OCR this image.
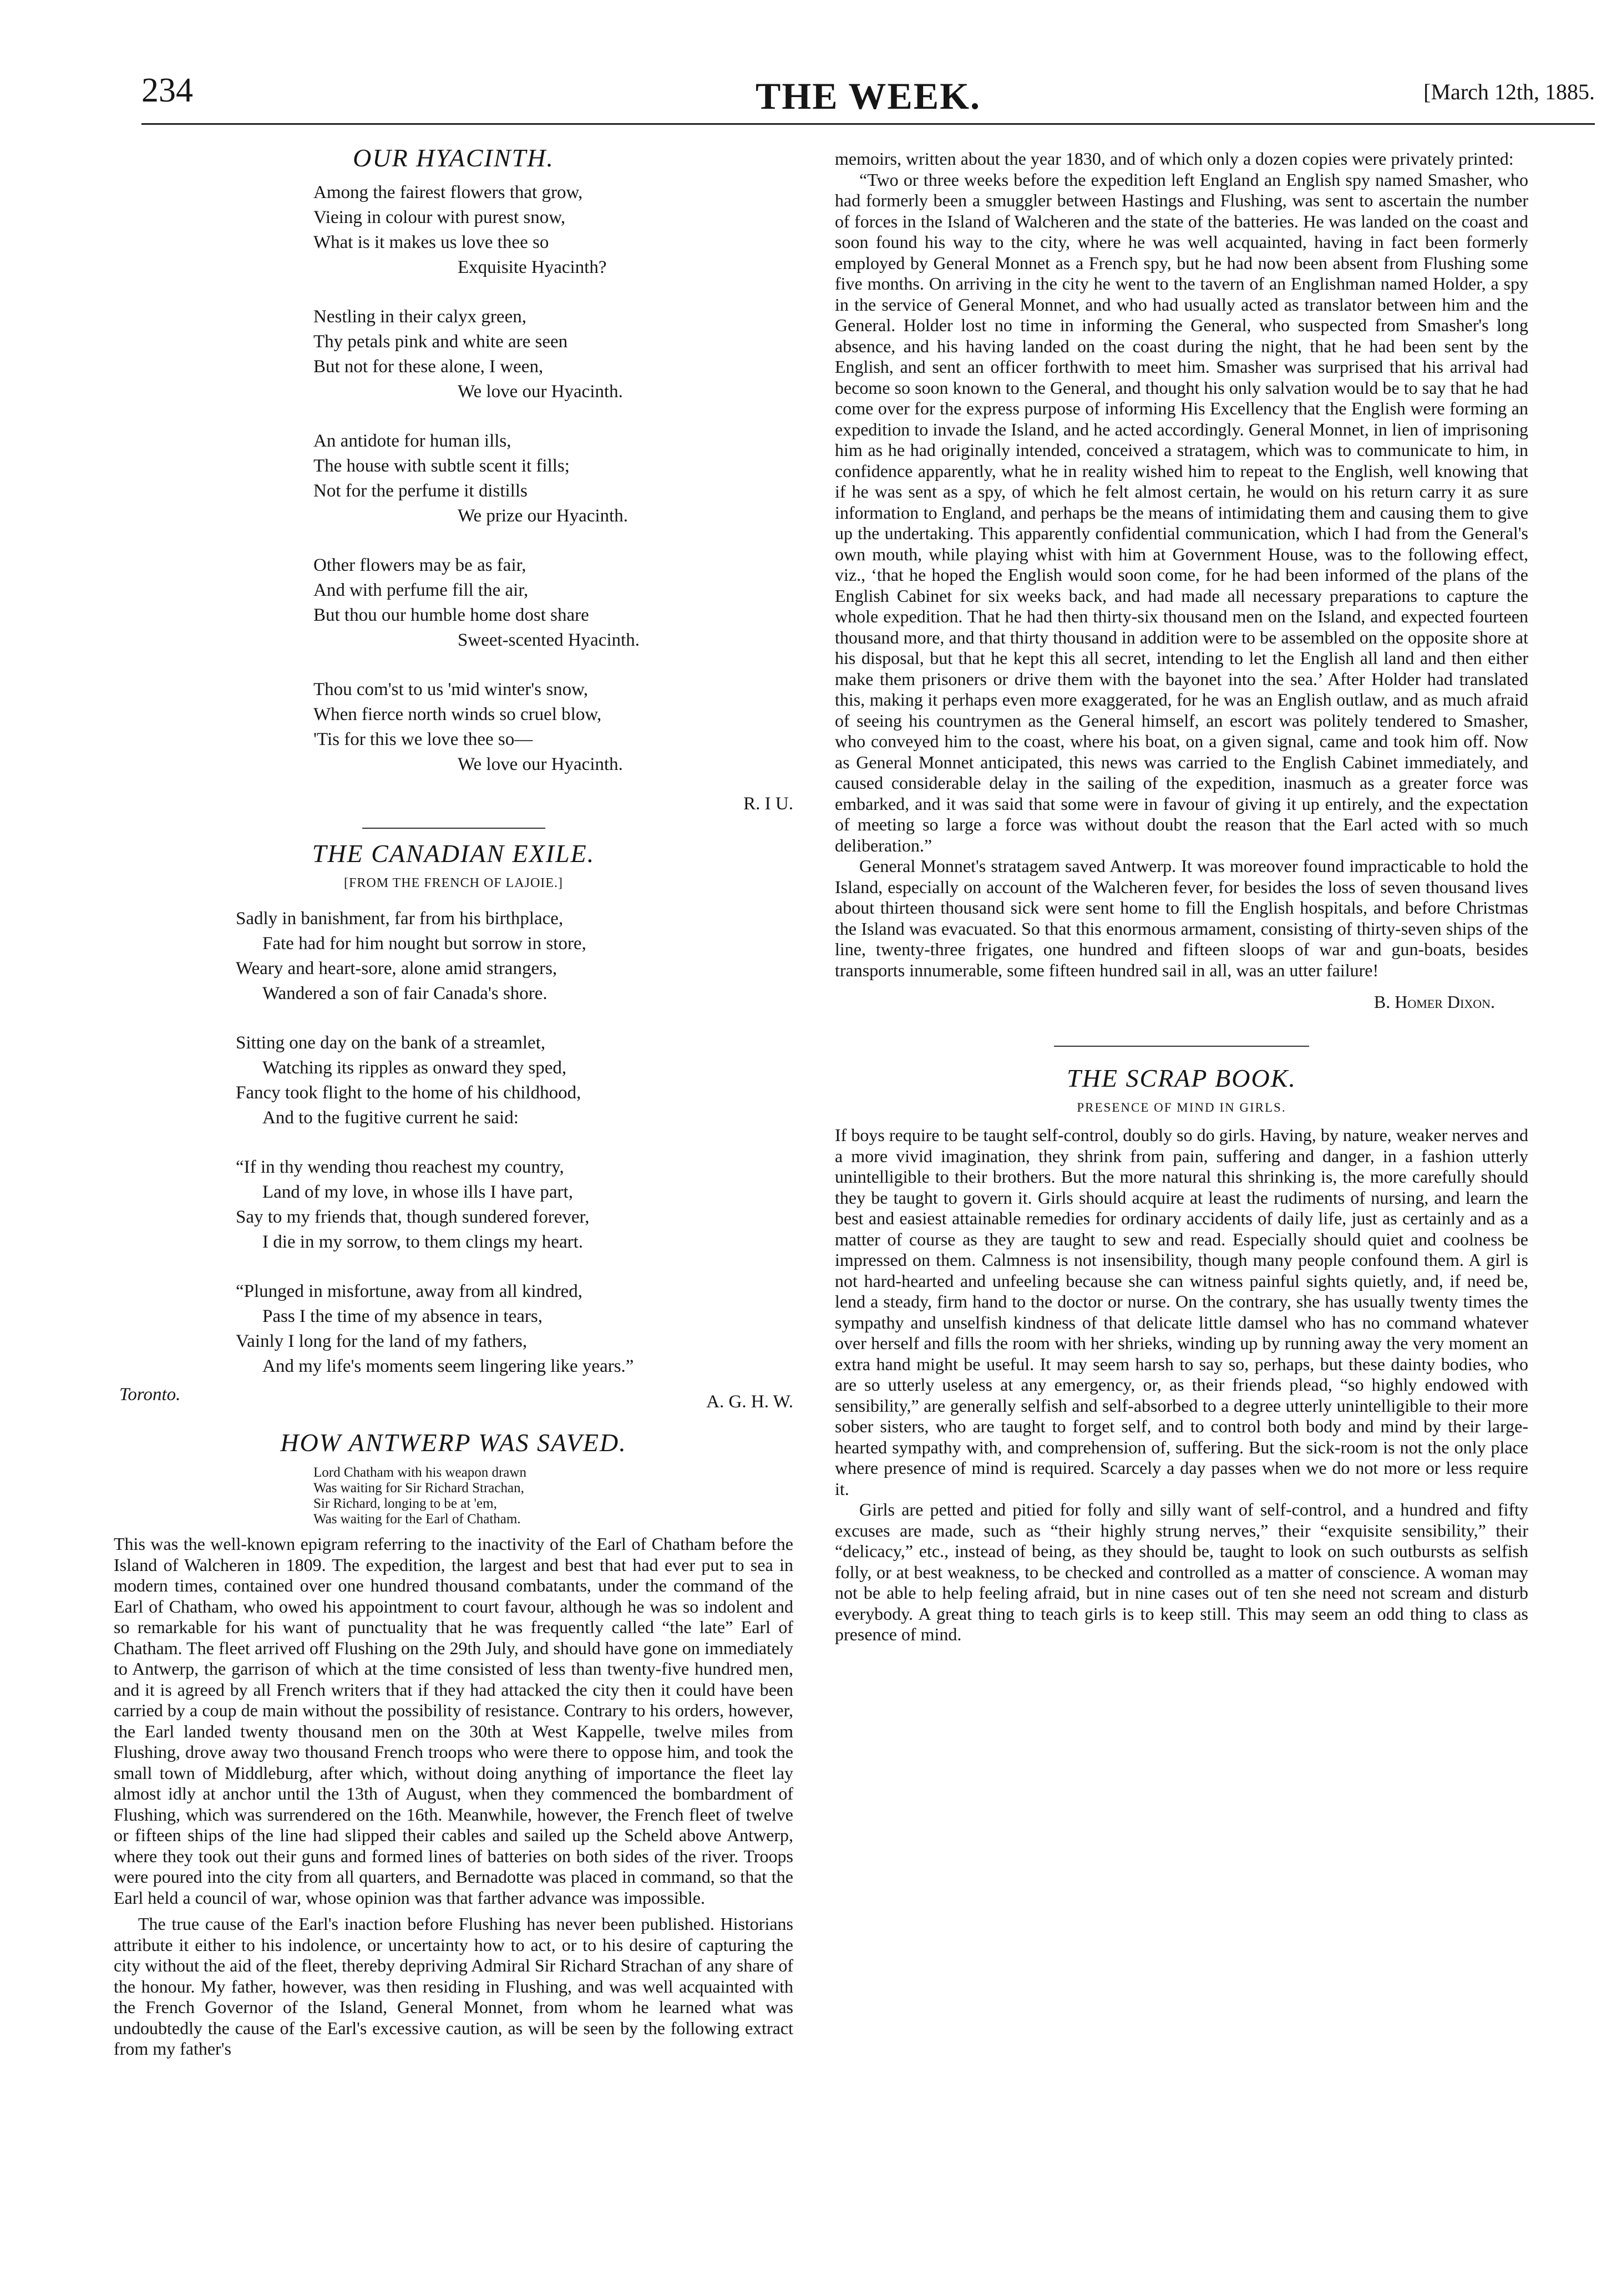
234	THE WEEK.	[March 12th, 1885.
OUR HYACINTH.
Among the fairest flowers that grow,
Vieing in colour with purest snow,
What is it makes us love thee so
Exquisite Hyacinth?
Nestling in their calyx green,
Thy petals pink and white are seen
But not for these alone, I ween,
We love our Hyacinth.
An antidote for human ills,
The house with subtle scent it fills;
Not for the perfume it distills
We prize our Hyacinth.
Other flowers may be as fair,
And with perfume fill the air,
But thou our humble home dost share
Sweet-scented Hyacinth.
Thou com'st to us 'mid winter's snow,
When fierce north winds so cruel blow,
'Tis for this we love thee so—
We love our Hyacinth.
R. I U.
THE CANADIAN EXILE.
[FROM THE FRENCH OF LAJOIE.]
Sadly in banishment, far from his birthplace,
Fate had for him nought but sorrow in store,
Weary and heart-sore, alone amid strangers,
Wandered a son of fair Canada's shore.
Sitting one day on the bank of a streamlet,
Watching its ripples as onward they sped,
Fancy took flight to the home of his childhood,
And to the fugitive current he said:
“If in thy wending thou reachest my country,
Land of my love, in whose ills I have part,
Say to my friends that, though sundered forever,
I die in my sorrow, to them clings my heart.
“Plunged in misfortune, away from all kindred,
Pass I the time of my absence in tears,
Vainly I long for the land of my fathers,
And my life's moments seem lingering like years.”
Toronto.	A. G. H. W.
HOW ANTWERP WAS SAVED.
Lord Chatham with his weapon drawn
Was waiting for Sir Richard Strachan,
Sir Richard, longing to be at 'em,
Was waiting for the Earl of Chatham.

This was the well-known epigram referring to the inactivity of the Earl of Chatham before the Island of Walcheren in 1809. The expedition, the largest and best that had ever put to sea in modern times, contained over one hundred thousand combatants, under the command of the Earl of Chatham, who owed his appointment to court favour, although he was so indolent and so remarkable for his want of punctuality that he was frequently called “the late” Earl of Chatham. The fleet arrived off Flushing on the 29th July, and should have gone on immediately to Antwerp, the garrison of which at the time consisted of less than twenty-five hundred men, and it is agreed by all French writers that if they had attacked the city then it could have been carried by a coup de main without the possibility of resistance. Contrary to his orders, however, the Earl landed twenty thousand men on the 30th at West Kappelle, twelve miles from Flushing, drove away two thousand French troops who were there to oppose him, and took the small town of Middleburg, after which, without doing anything of importance the fleet lay almost idly at anchor until the 13th of August, when they commenced the bombardment of Flushing, which was surrendered on the 16th. Meanwhile, however, the French fleet of twelve or fifteen ships of the line had slipped their cables and sailed up the Scheld above Antwerp, where they took out their guns and formed lines of batteries on both sides of the river. Troops were poured into the city from all quarters, and Bernadotte was placed in command, so that the Earl held a council of war, whose opinion was that farther advance was impossible.

The true cause of the Earl's inaction before Flushing has never been published. Historians attribute it either to his indolence, or uncertainty how to act, or to his desire of capturing the city without the aid of the fleet, thereby depriving Admiral Sir Richard Strachan of any share of the honour. My father, however, was then residing in Flushing, and was well acquainted with the French Governor of the Island, General Monnet, from whom he learned what was undoubtedly the cause of the Earl's excessive caution, as will be seen by the following extract from my father's

memoirs, written about the year 1830, and of which only a dozen copies were privately printed:

“Two or three weeks before the expedition left England an English spy named Smasher, who had formerly been a smuggler between Hastings and Flushing, was sent to ascertain the number of forces in the Island of Walcheren and the state of the batteries. He was landed on the coast and soon found his way to the city, where he was well acquainted, having in fact been formerly employed by General Monnet as a French spy, but he had now been absent from Flushing some five months. On arriving in the city he went to the tavern of an Englishman named Holder, a spy in the service of General Monnet, and who had usually acted as translator between him and the General. Holder lost no time in informing the General, who suspected from Smasher's long absence, and his having landed on the coast during the night, that he had been sent by the English, and sent an officer forthwith to meet him. Smasher was surprised that his arrival had become so soon known to the General, and thought his only salvation would be to say that he had come over for the express purpose of informing His Excellency that the English were forming an expedition to invade the Island, and he acted accordingly. General Monnet, in lien of imprisoning him as he had originally intended, conceived a stratagem, which was to communicate to him, in confidence apparently, what he in reality wished him to repeat to the English, well knowing that if he was sent as a spy, of which he felt almost certain, he would on his return carry it as sure information to England, and perhaps be the means of intimidating them and causing them to give up the undertaking. This apparently confidential communication, which I had from the General's own mouth, while playing whist with him at Government House, was to the following effect, viz., ‘that he hoped the English would soon come, for he had been informed of the plans of the English Cabinet for six weeks back, and had made all necessary preparations to capture the whole expedition. That he had then thirty-six thousand men on the Island, and expected fourteen thousand more, and that thirty thousand in addition were to be assembled on the opposite shore at his disposal, but that he kept this all secret, intending to let the English all land and then either make them prisoners or drive them with the bayonet into the sea.’ After Holder had translated this, making it perhaps even more exaggerated, for he was an English outlaw, and as much afraid of seeing his countrymen as the General himself, an escort was politely tendered to Smasher, who conveyed him to the coast, where his boat, on a given signal, came and took him off. Now as General Monnet anticipated, this news was carried to the English Cabinet immediately, and caused considerable delay in the sailing of the expedition, inasmuch as a greater force was embarked, and it was said that some were in favour of giving it up entirely, and the expectation of meeting so large a force was without doubt the reason that the Earl acted with so much deliberation.”

General Monnet's stratagem saved Antwerp. It was moreover found impracticable to hold the Island, especially on account of the Walcheren fever, for besides the loss of seven thousand lives about thirteen thousand sick were sent home to fill the English hospitals, and before Christmas the Island was evacuated. So that this enormous armament, consisting of thirty-seven ships of the line, twenty-three frigates, one hundred and fifteen sloops of war and gun-boats, besides transports innumerable, some fifteen hundred sail in all, was an utter failure!

B. Homer Dixon.
THE SCRAP BOOK.
PRESENCE OF MIND IN GIRLS.

If boys require to be taught self-control, doubly so do girls. Having, by nature, weaker nerves and a more vivid imagination, they shrink from pain, suffering and danger, in a fashion utterly unintelligible to their brothers. But the more natural this shrinking is, the more carefully should they be taught to govern it. Girls should acquire at least the rudiments of nursing, and learn the best and easiest attainable remedies for ordinary accidents of daily life, just as certainly and as a matter of course as they are taught to sew and read. Especially should quiet and coolness be impressed on them. Calmness is not insensibility, though many people confound them. A girl is not hard-hearted and unfeeling because she can witness painful sights quietly, and, if need be, lend a steady, firm hand to the doctor or nurse. On the contrary, she has usually twenty times the sympathy and unselfish kindness of that delicate little damsel who has no command whatever over herself and fills the room with her shrieks, winding up by running away the very moment an extra hand might be useful. It may seem harsh to say so, perhaps, but these dainty bodies, who are so utterly useless at any emergency, or, as their friends plead, “so highly endowed with sensibility,” are generally selfish and self-absorbed to a degree utterly unintelligible to their more sober sisters, who are taught to forget self, and to control both body and mind by their large-hearted sympathy with, and comprehension of, suffering. But the sick-room is not the only place where presence of mind is required. Scarcely a day passes when we do not more or less require it.

Girls are petted and pitied for folly and silly want of self-control, and a hundred and fifty excuses are made, such as “their highly strung nerves,” their “exquisite sensibility,” their “delicacy,” etc., instead of being, as they should be, taught to look on such outbursts as selfish folly, or at best weakness, to be checked and controlled as a matter of conscience. A woman may not be able to help feeling afraid, but in nine cases out of ten she need not scream and disturb everybody. A great thing to teach girls is to keep still. This may seem an odd thing to class as presence of mind.
